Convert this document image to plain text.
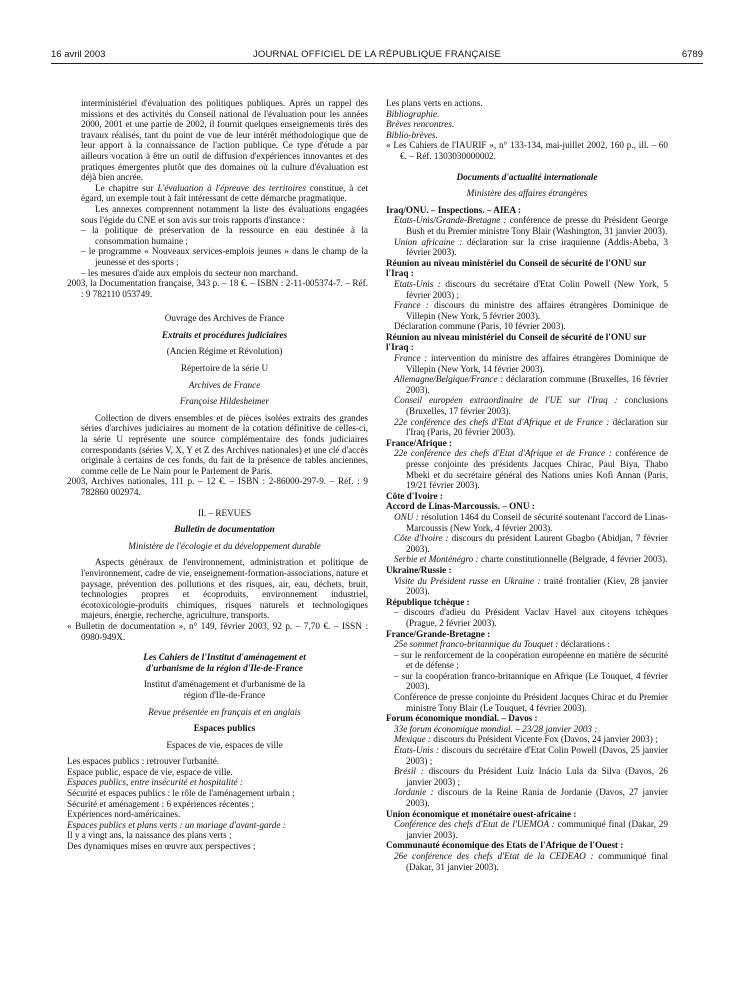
16 avril 2003	JOURNAL OFFICIEL DE LA RÉPUBLIQUE FRANÇAISE	6789
interministériel d'évaluation des politiques publiques. Après un rappel des missions et des activités du Conseil national de l'évaluation pour les années 2000, 2001 et une partie de 2002, il fournit quelques enseignements tirés des travaux réalisés, tant du point de vue de leur intérêt méthodologique que de leur apport à la connaissance de l'action publique. Ce type d'étude a par ailleurs vocation à être un outil de diffusion d'expériences innovantes et des pratiques émergentes plutôt que des domaines où la culture d'évaluation est déjà bien ancrée.
Le chapitre sur L'évaluation à l'épreuve des territoires constitue, à cet égard, un exemple tout à fait intéressant de cette démarche pragmatique.
Les annexes comprennent notamment la liste des évaluations engagées sous l'égide du CNE et son avis sur trois rapports d'instance :
– la politique de préservation de la ressource en eau destinée à la consommation humaine ;
– le programme « Nouveaux services-emplois jeunes » dans le champ de la jeunesse et des sports ;
– les mesures d'aide aux emplois du secteur non marchand.
2003, la Documentation française, 343 p. – 18 €. – ISBN : 2-11-005374-7. – Réf. : 9 782110 053749.
Ouvrage des Archives de France
Extraits et procédures judiciaires
(Ancien Régime et Révolution)
Répertoire de la série U
Archives de France
Françoise Hildesheimer
Collection de divers ensembles et de pièces isolées extraits des grandes séries d'archives judiciaires au moment de la cotation définitive de celles-ci, la série U représente une source complémentaire des fonds judiciaires correspondants (séries V, X, Y et Z des Archives nationales) et une clé d'accès originale à certains de ces fonds, du fait de la présence de tables anciennes, comme celle de Le Nain pour le Parlement de Paris.
2003, Archives nationales, 111 p. – 12 €. – ISBN : 2-86000-297-9. – Réf. : 9 782860 002974.
II. – REVUES
Bulletin de documentation
Ministère de l'écologie et du développement durable
Aspects généraux de l'environnement, administration et politique de l'environnement, cadre de vie, enseignement-formation-associations, nature et paysage, prévention des pollutions et des risques, air, eau, déchets, bruit, technologies propres et écoproduits, environnement industriel, écotoxicologie-produits chimiques, risques naturels et technologiques majeurs, énergie, recherche, agriculture, transports.
« Bulletin de documentation », n° 149, février 2003, 92 p. – 7,70 €. – ISSN : 0980-949X.
Les Cahiers de l'Institut d'aménagement et d'urbanisme de la région d'Ile-de-France
Institut d'aménagement et d'urbanisme de la région d'Ile-de-France
Revue présentée en français et en anglais
Espaces publics
Espaces de vie, espaces de ville
Les espaces publics : retrouver l'urbanité.
Espace public, espace de vie, espace de ville.
Espaces publics, entre insécurité et hospitalité :
Sécurité et espaces publics : le rôle de l'aménagement urbain ;
Sécurité et aménagement : 6 expériences récentes ;
Expériences nord-américaines.
Espaces publics et plans verts : un mariage d'avant-garde :
Il y a vingt ans, la naissance des plans verts ;
Des dynamiques mises en œuvre aux perspectives ;
Les plans verts en actions.
Bibliographie.
Brèves rencontres.
Biblio-brèves.
« Les Cahiers de l'IAURIF », n° 133-134, mai-juillet 2002, 160 p., ill. – 60 €. – Réf. 1303030000002.
Documents d'actualité internationale
Ministère des affaires étrangères
Iraq/ONU. – Inspections. – AIEA :
Etats-Unis/Grande-Bretagne : conférence de presse du Président George Bush et du Premier ministre Tony Blair (Washington, 31 janvier 2003).
Union africaine : déclaration sur la crise iraquienne (Addis-Abeba, 3 février 2003).
Réunion au niveau ministériel du Conseil de sécurité de l'ONU sur l'Iraq :
Etats-Unis : discours du secrétaire d'Etat Colin Powell (New York, 5 février 2003) ;
France : discours du ministre des affaires étrangères Dominique de Villepin (New York, 5 février 2003).
Déclaration commune (Paris, 10 février 2003).
Réunion au niveau ministériel du Conseil de sécurité de l'ONU sur l'Iraq :
France : intervention du ministre des affaires étrangères Dominique de Villepin (New York, 14 février 2003).
Allemagne/Belgique/France : déclaration commune (Bruxelles, 16 février 2003).
Conseil européen extraordinaire de l'UE sur l'Iraq : conclusions (Bruxelles, 17 février 2003).
22e conférence des chefs d'Etat d'Afrique et de France : déclaration sur l'Iraq (Paris, 20 février 2003).
France/Afrique :
22e conférence des chefs d'Etat d'Afrique et de France : conférence de presse conjointe des présidents Jacques Chirac, Paul Biya, Thabo Mbeki et du secrétaire général des Nations unies Kofi Annan (Paris, 19/21 février 2003).
Côte d'Ivoire :
Accord de Linas-Marcoussis. – ONU :
ONU : résolution 1464 du Conseil de sécurité soutenant l'accord de Linas-Marcoussis (New York, 4 février 2003).
Côte d'Ivoire : discours du président Laurent Gbagbo (Abidjan, 7 février 2003).
Serbie et Monténégro : charte constitutionnelle (Belgrade, 4 février 2003).
Ukraine/Russie :
Visite du Président russe en Ukraine : traité frontalier (Kiev, 28 janvier 2003).
République tchèque :
– discours d'adieu du Président Vaclav Havel aux citoyens tchèques (Prague, 2 février 2003).
France/Grande-Bretagne :
25e sommet franco-britannique du Touquet : déclarations :
– sur le renforcement de la coopération européenne en matière de sécurité et de défense ;
– sur la coopération franco-britannique en Afrique (Le Touquet, 4 février 2003).
Conférence de presse conjointe du Président Jacques Chirac et du Premier ministre Tony Blair (Le Touquet, 4 février 2003).
Forum économique mondial. – Davos :
33e forum économique mondial. – 23/28 janvier 2003 :
Mexique : discours du Président Vicente Fox (Davos, 24 janvier 2003) ;
Etats-Unis : discours du secrétaire d'Etat Colin Powell (Davos, 25 janvier 2003) ;
Brésil : discours du Président Luiz Inácio Lula da Silva (Davos, 26 janvier 2003) ;
Jordanie : discours de la Reine Rania de Jordanie (Davos, 27 janvier 2003).
Union économique et monétaire ouest-africaine :
Conférence des chefs d'Etat de l'UEMOA : communiqué final (Dakar, 29 janvier 2003).
Communauté économique des Etats de l'Afrique de l'Ouest :
26e conférence des chefs d'Etat de la CEDEAO : communiqué final (Dakar, 31 janvier 2003).
